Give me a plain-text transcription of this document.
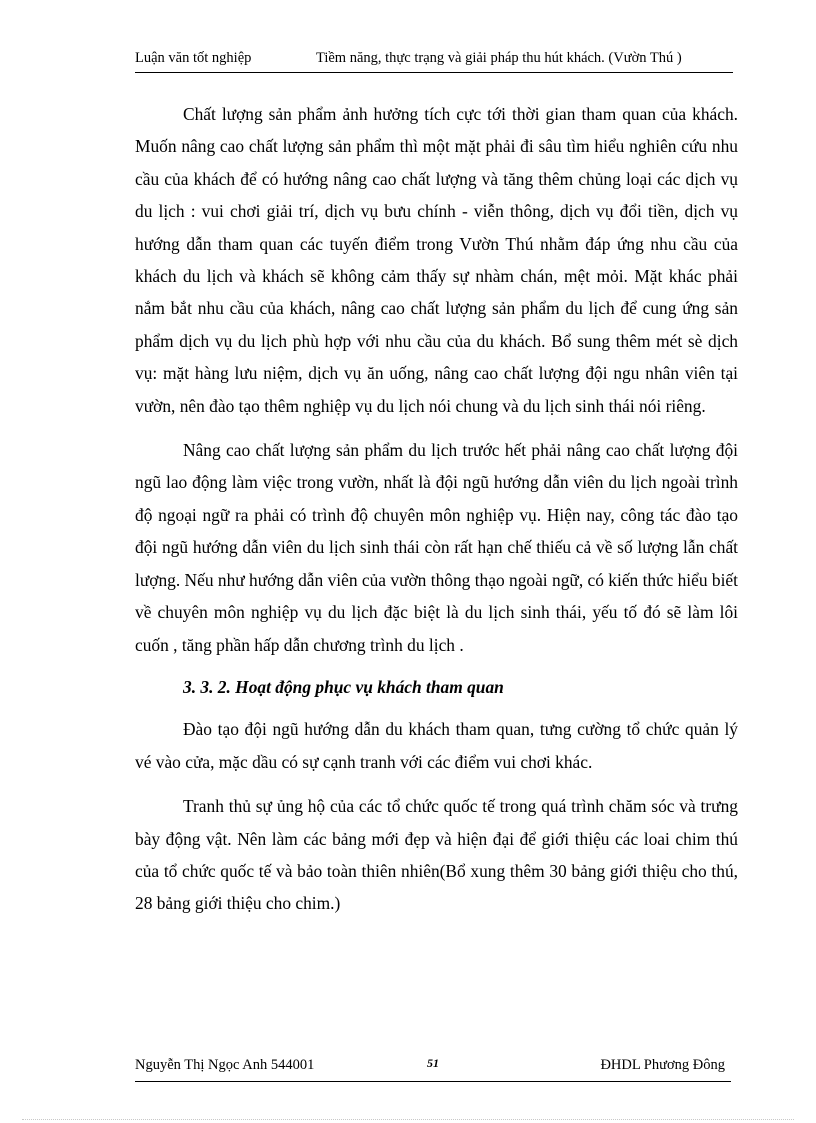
Luận văn tốt nghiệp	Tiềm năng, thực trạng và giải pháp thu hút khách. (Vườn Thú )

Chất lượng sản phẩm ảnh hưởng tích cực tới thời gian tham quan của khách. Muốn nâng cao chất lượng sản phẩm thì một mặt phải đi sâu tìm hiểu nghiên cứu nhu cầu của khách để có hướng nâng cao chất lượng và tăng thêm chủng loại các dịch vụ du lịch : vui chơi giải trí, dịch vụ bưu chính - viễn thông, dịch vụ đổi tiền, dịch vụ hướng dẫn tham quan các tuyến điểm trong Vườn Thú nhằm đáp ứng nhu cầu của khách du lịch và khách sẽ không cảm thấy sự nhàm chán, mệt mỏi. Mặt khác phải nắm bắt nhu cầu của khách, nâng cao chất lượng sản phẩm du lịch để cung ứng sản phẩm dịch vụ du lịch phù hợp với nhu cầu của du khách. Bổ sung thêm mét sè dịch vụ: mặt hàng lưu niệm, dịch vụ ăn uống, nâng cao chất lượng đội ngu nhân viên tại vườn, nên đào tạo thêm nghiệp vụ du lịch nói chung và du lịch sinh thái nói riêng.

Nâng cao chất lượng sản phẩm du lịch trước hết phải nâng cao chất lượng đội ngũ lao động làm việc trong vườn, nhất là đội ngũ hướng dẫn viên du lịch ngoài trình độ ngoại ngữ ra phải có trình độ chuyên môn nghiệp vụ. Hiện nay, công tác đào tạo đội ngũ hướng dẫn viên du lịch sinh thái còn rất hạn chế thiếu cả về số lượng lẫn chất lượng. Nếu như hướng dẫn viên của vườn thông thạo ngoài ngữ, có kiến thức hiểu biết về chuyên môn nghiệp vụ du lịch đặc biệt là du lịch sinh thái, yếu tố đó sẽ làm lôi cuốn , tăng phần hấp dẫn chương trình du lịch .

3. 3. 2. Hoạt động phục vụ khách tham quan

Đào tạo đội ngũ hướng dẫn du khách tham quan, tưng cường tổ chức quản lý vé vào cửa, mặc dầu có sự cạnh tranh với các điểm vui chơi khác.

Tranh thủ sự ủng hộ của các tổ chức quốc tế trong quá trình chăm sóc và trưng bày động vật. Nên làm các bảng mới đẹp và hiện đại để giới thiệu các loai chim thú của tổ chức quốc tế và bảo toàn thiên nhiên(Bổ xung thêm 30 bảng giới thiệu cho thú, 28 bảng giới thiệu cho chim.)

Nguyễn Thị Ngọc Anh 544001	51	ĐHDL Phương Đông
